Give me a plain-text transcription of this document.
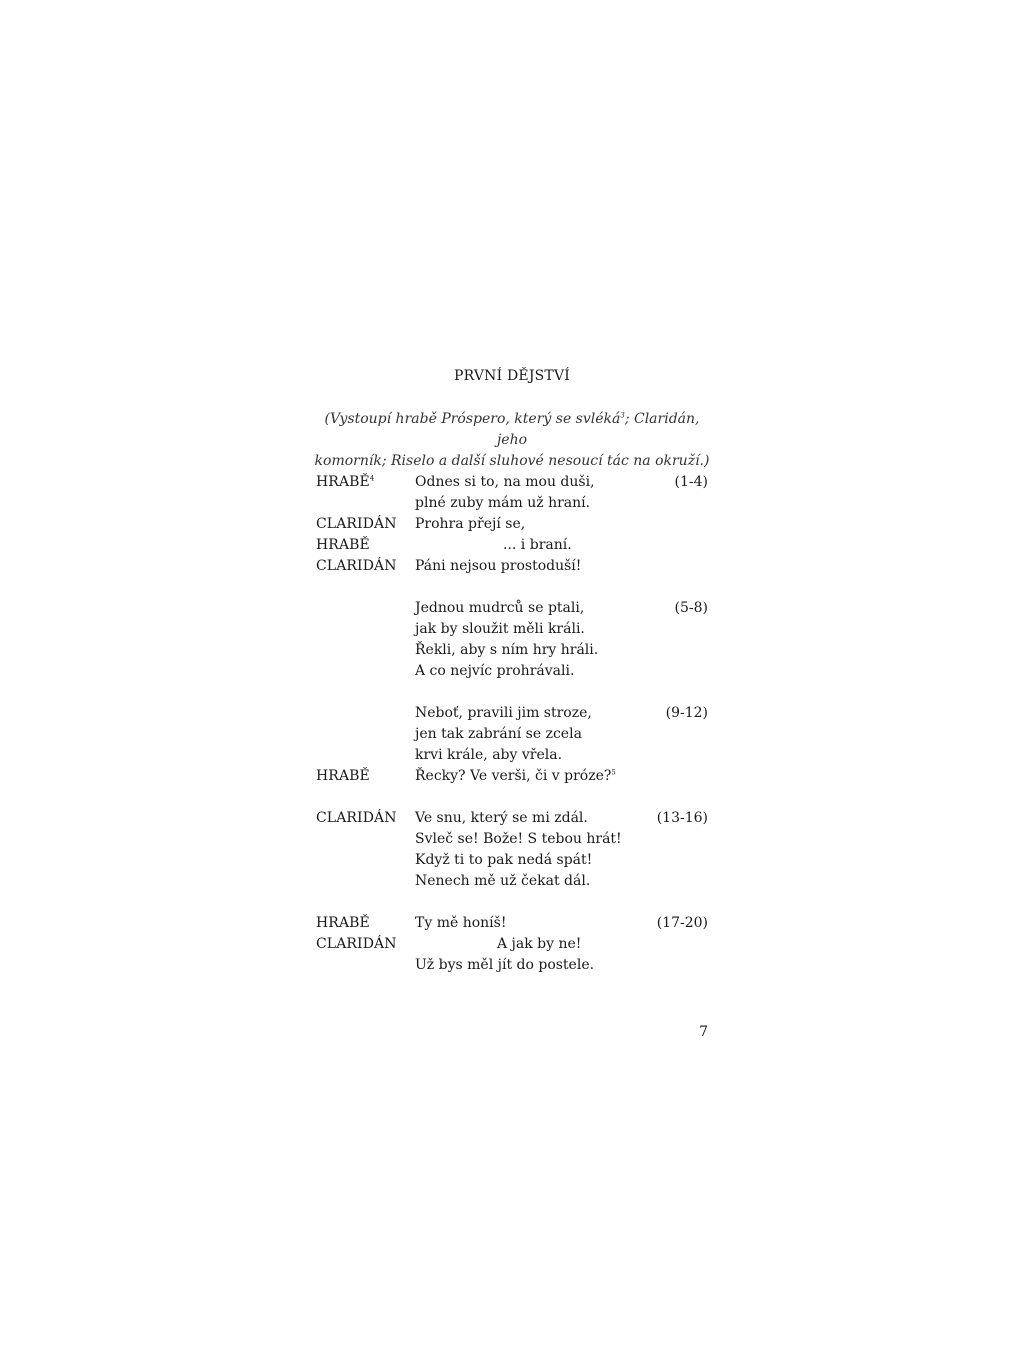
PRVNÍ DĚJSTVÍ
(Vystoupí hrabě Próspero, který se svléká$^3$; Claridán, jeho
komorník; Riselo a další sluhové nesoucí tác na okruží.)
HRABĚ$^4$	Odnes si to, na mou duši,	(1-4)
plné zuby mám už hraní.
CLARIDÁN Prohra přejí se,
HRABĚ	... i braní.
CLARIDÁN Páni nejsou prostoduší!
Jednou mudrců se ptali,	(5-8)
jak by sloužit měli králi.
Řekli, aby s ním hry hráli.
A co nejvíc prohrávali.
Neboť, pravili jim stroze,	(9-12)
jen tak zabrání se zcela
krvi krále, aby vřela.
HRABĚ	Řecky? Ve verši, či v próze?$^5$
CLARIDÁN Ve snu, který se mi zdál.	(13-16)
Svleč se! Bože! S tebou hrát!
Když ti to pak nedá spát!
Nenech mě už čekat dál.
HRABĚ	Ty mě honíš!	(17-20)
CLARIDÁN	A jak by ne!
Už bys měl jít do postele.
7
